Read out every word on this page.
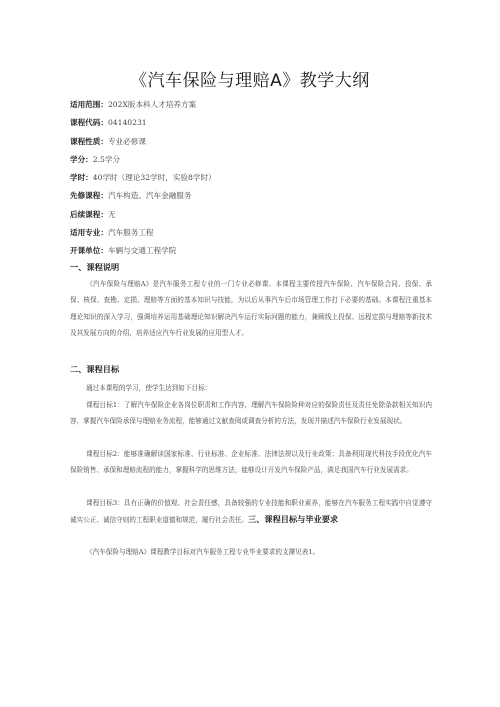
《汽车保险与理赔A》教学大纲
适用范围：202X版本科人才培养方案
课程代码：04140231
课程性质：专业必修课
学分：2.5学分
学时：40学时（理论32学时，实验8学时）
先修课程：汽车构造、汽车金融服务
后续课程：无
适用专业：汽车服务工程
开课单位：车辆与交通工程学院
一、课程说明
《汽车保险与理赔A》是汽车服务工程专业的一门专业必修课。本课程主要传授汽车保险、汽车保险合同、投保、承保、核保、查勘、定损、理赔等方面的基本知识与技能，为以后从事汽车后市场管理工作打下必要的基础。本课程注重基本理论知识的深入学习，强调培养运用基础理论知识解决汽车运行实际问题的能力，兼顾线上投保、远程定损与理赔等新技术及其发展方向的介绍，培养适应汽车行业发展的应用型人才。
二、课程目标
通过本课程的学习，使学生达到如下目标：
课程目标1：了解汽车保险企业各岗位职责和工作内容，理解汽车保险险种对应的保险责任及责任免除条款相关知识内容，掌握汽车保险承保与理赔业务流程，能够通过文献查阅或调查分析的方法，发现并描述汽车保险行业发展现状。
课程目标2：能够准确解读国家标准、行业标准、企业标准、法律法规以及行业政策；具备利用现代科技手段优化汽车保险销售、承保和理赔流程的能力，掌握科学的思维方法，能够设计开发汽车保险产品，满足我国汽车行业发展需求。
课程目标3：具有正确的价值观、社会责任感，具备较强的专业技能和职业素养，能够在汽车服务工程实践中自觉遵守诚实公正、诚信守则的工程职业道德和规范，履行社会责任。三、课程目标与毕业要求
《汽车保险与理赔A》课程教学目标对汽车服务工程专业毕业要求的支撑见表1。
